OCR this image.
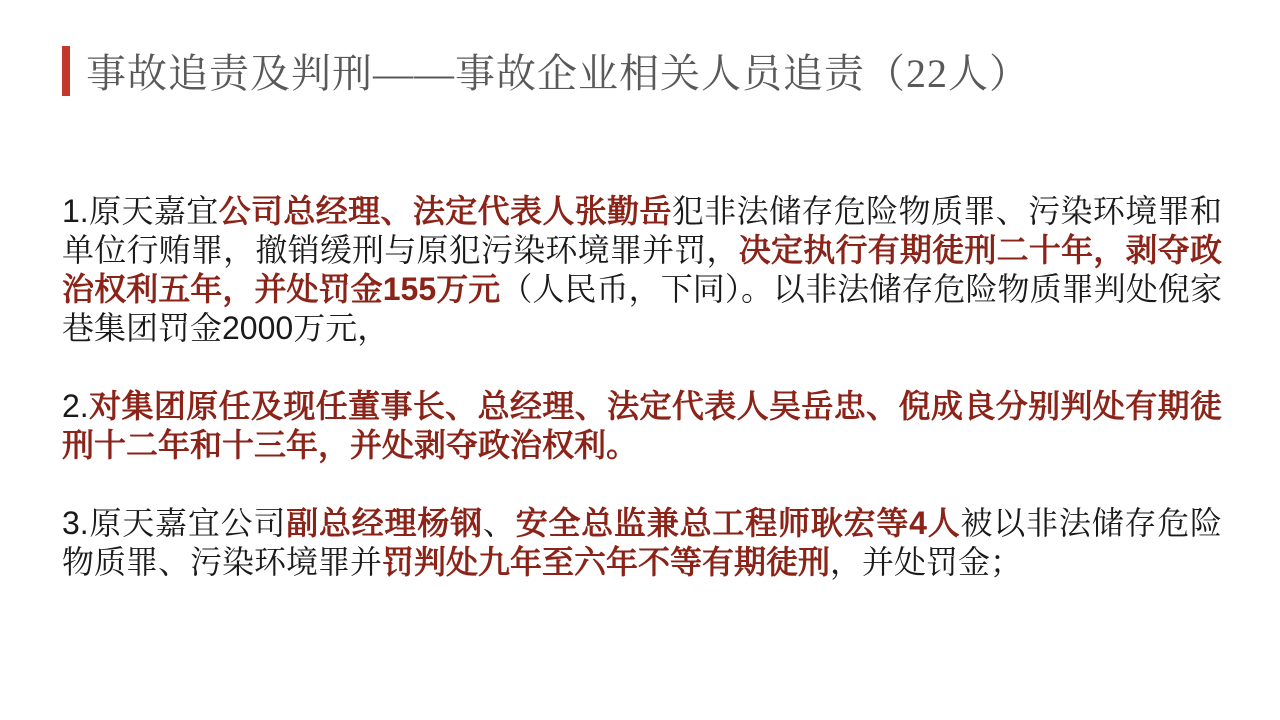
事故追责及判刑——事故企业相关人员追责（22人）

1.原天嘉宜公司总经理、法定代表人张勤岳犯非法储存危险物质罪、污染环境罪和单位行贿罪，撤销缓刑与原犯污染环境罪并罚，决定执行有期徒刑二十年，剥夺政治权利五年，并处罚金155万元（人民币，下同）。以非法储存危险物质罪判处倪家巷集团罚金2000万元，

2.对集团原任及现任董事长、总经理、法定代表人吴岳忠、倪成良分别判处有期徒刑十二年和十三年，并处剥夺政治权利。

3.原天嘉宜公司副总经理杨钢、安全总监兼总工程师耿宏等4人被以非法储存危险物质罪、污染环境罪并罚判处九年至六年不等有期徒刑，并处罚金；
